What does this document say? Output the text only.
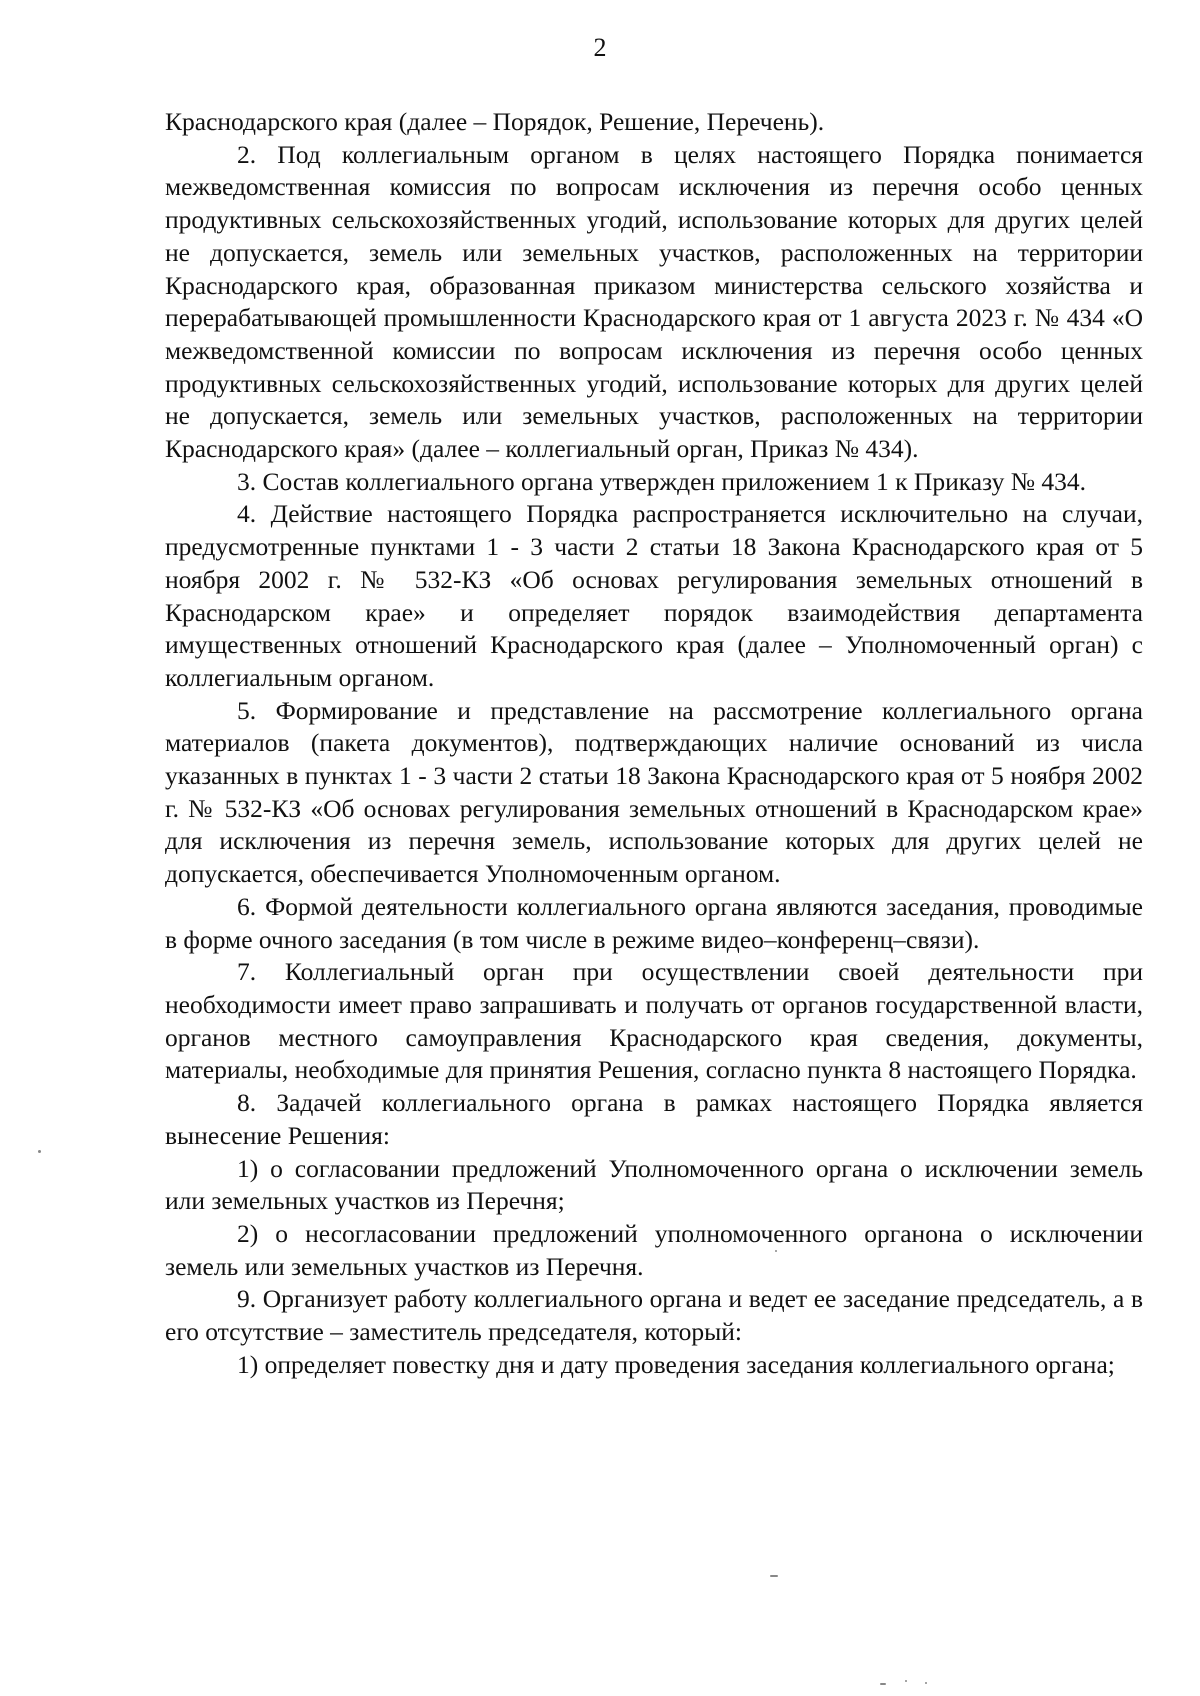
2

Краснодарского края (далее – Порядок, Решение, Перечень).

2. Под коллегиальным органом в целях настоящего Порядка понимается межведомственная комиссия по вопросам исключения из перечня особо ценных продуктивных сельскохозяйственных угодий, использование которых для других целей не допускается, земель или земельных участков, расположенных на территории Краснодарского края, образованная приказом министерства сельского хозяйства и перерабатывающей промышленности Краснодарского края от 1 августа 2023 г. № 434 «О межведомственной комиссии по вопросам исключения из перечня особо ценных продуктивных сельскохозяйственных угодий, использование которых для других целей не допускается, земель или земельных участков, расположенных на территории Краснодарского края» (далее – коллегиальный орган, Приказ № 434).

3. Состав коллегиального органа утвержден приложением 1 к Приказу № 434.

4. Действие настоящего Порядка распространяется исключительно на случаи, предусмотренные пунктами 1 - 3 части 2 статьи 18 Закона Краснодарского края от 5 ноября 2002 г. № 532-КЗ «Об основах регулирования земельных отношений в Краснодарском крае» и определяет порядок взаимодействия департамента имущественных отношений Краснодарского края (далее – Уполномоченный орган) с коллегиальным органом.

5. Формирование и представление на рассмотрение коллегиального органа материалов (пакета документов), подтверждающих наличие оснований из числа указанных в пунктах 1 - 3 части 2 статьи 18 Закона Краснодарского края от 5 ноября 2002 г. № 532-КЗ «Об основах регулирования земельных отношений в Краснодарском крае» для исключения из перечня земель, использование которых для других целей не допускается, обеспечивается Уполномоченным органом.

6. Формой деятельности коллегиального органа являются заседания, проводимые в форме очного заседания (в том числе в режиме видео–конференц–связи).

7. Коллегиальный орган при осуществлении своей деятельности при необходимости имеет право запрашивать и получать от органов государственной власти, органов местного самоуправления Краснодарского края сведения, документы, материалы, необходимые для принятия Решения, согласно пункта 8 настоящего Порядка.

8. Задачей коллегиального органа в рамках настоящего Порядка является вынесение Решения:

1) о согласовании предложений Уполномоченного органа о исключении земель или земельных участков из Перечня;

2) о несогласовании предложений уполномоченного органона о исключении земель или земельных участков из Перечня.

9. Организует работу коллегиального органа и ведет ее заседание председатель, а в его отсутствие – заместитель председателя, который:

1) определяет повестку дня и дату проведения заседания коллегиального органа;
